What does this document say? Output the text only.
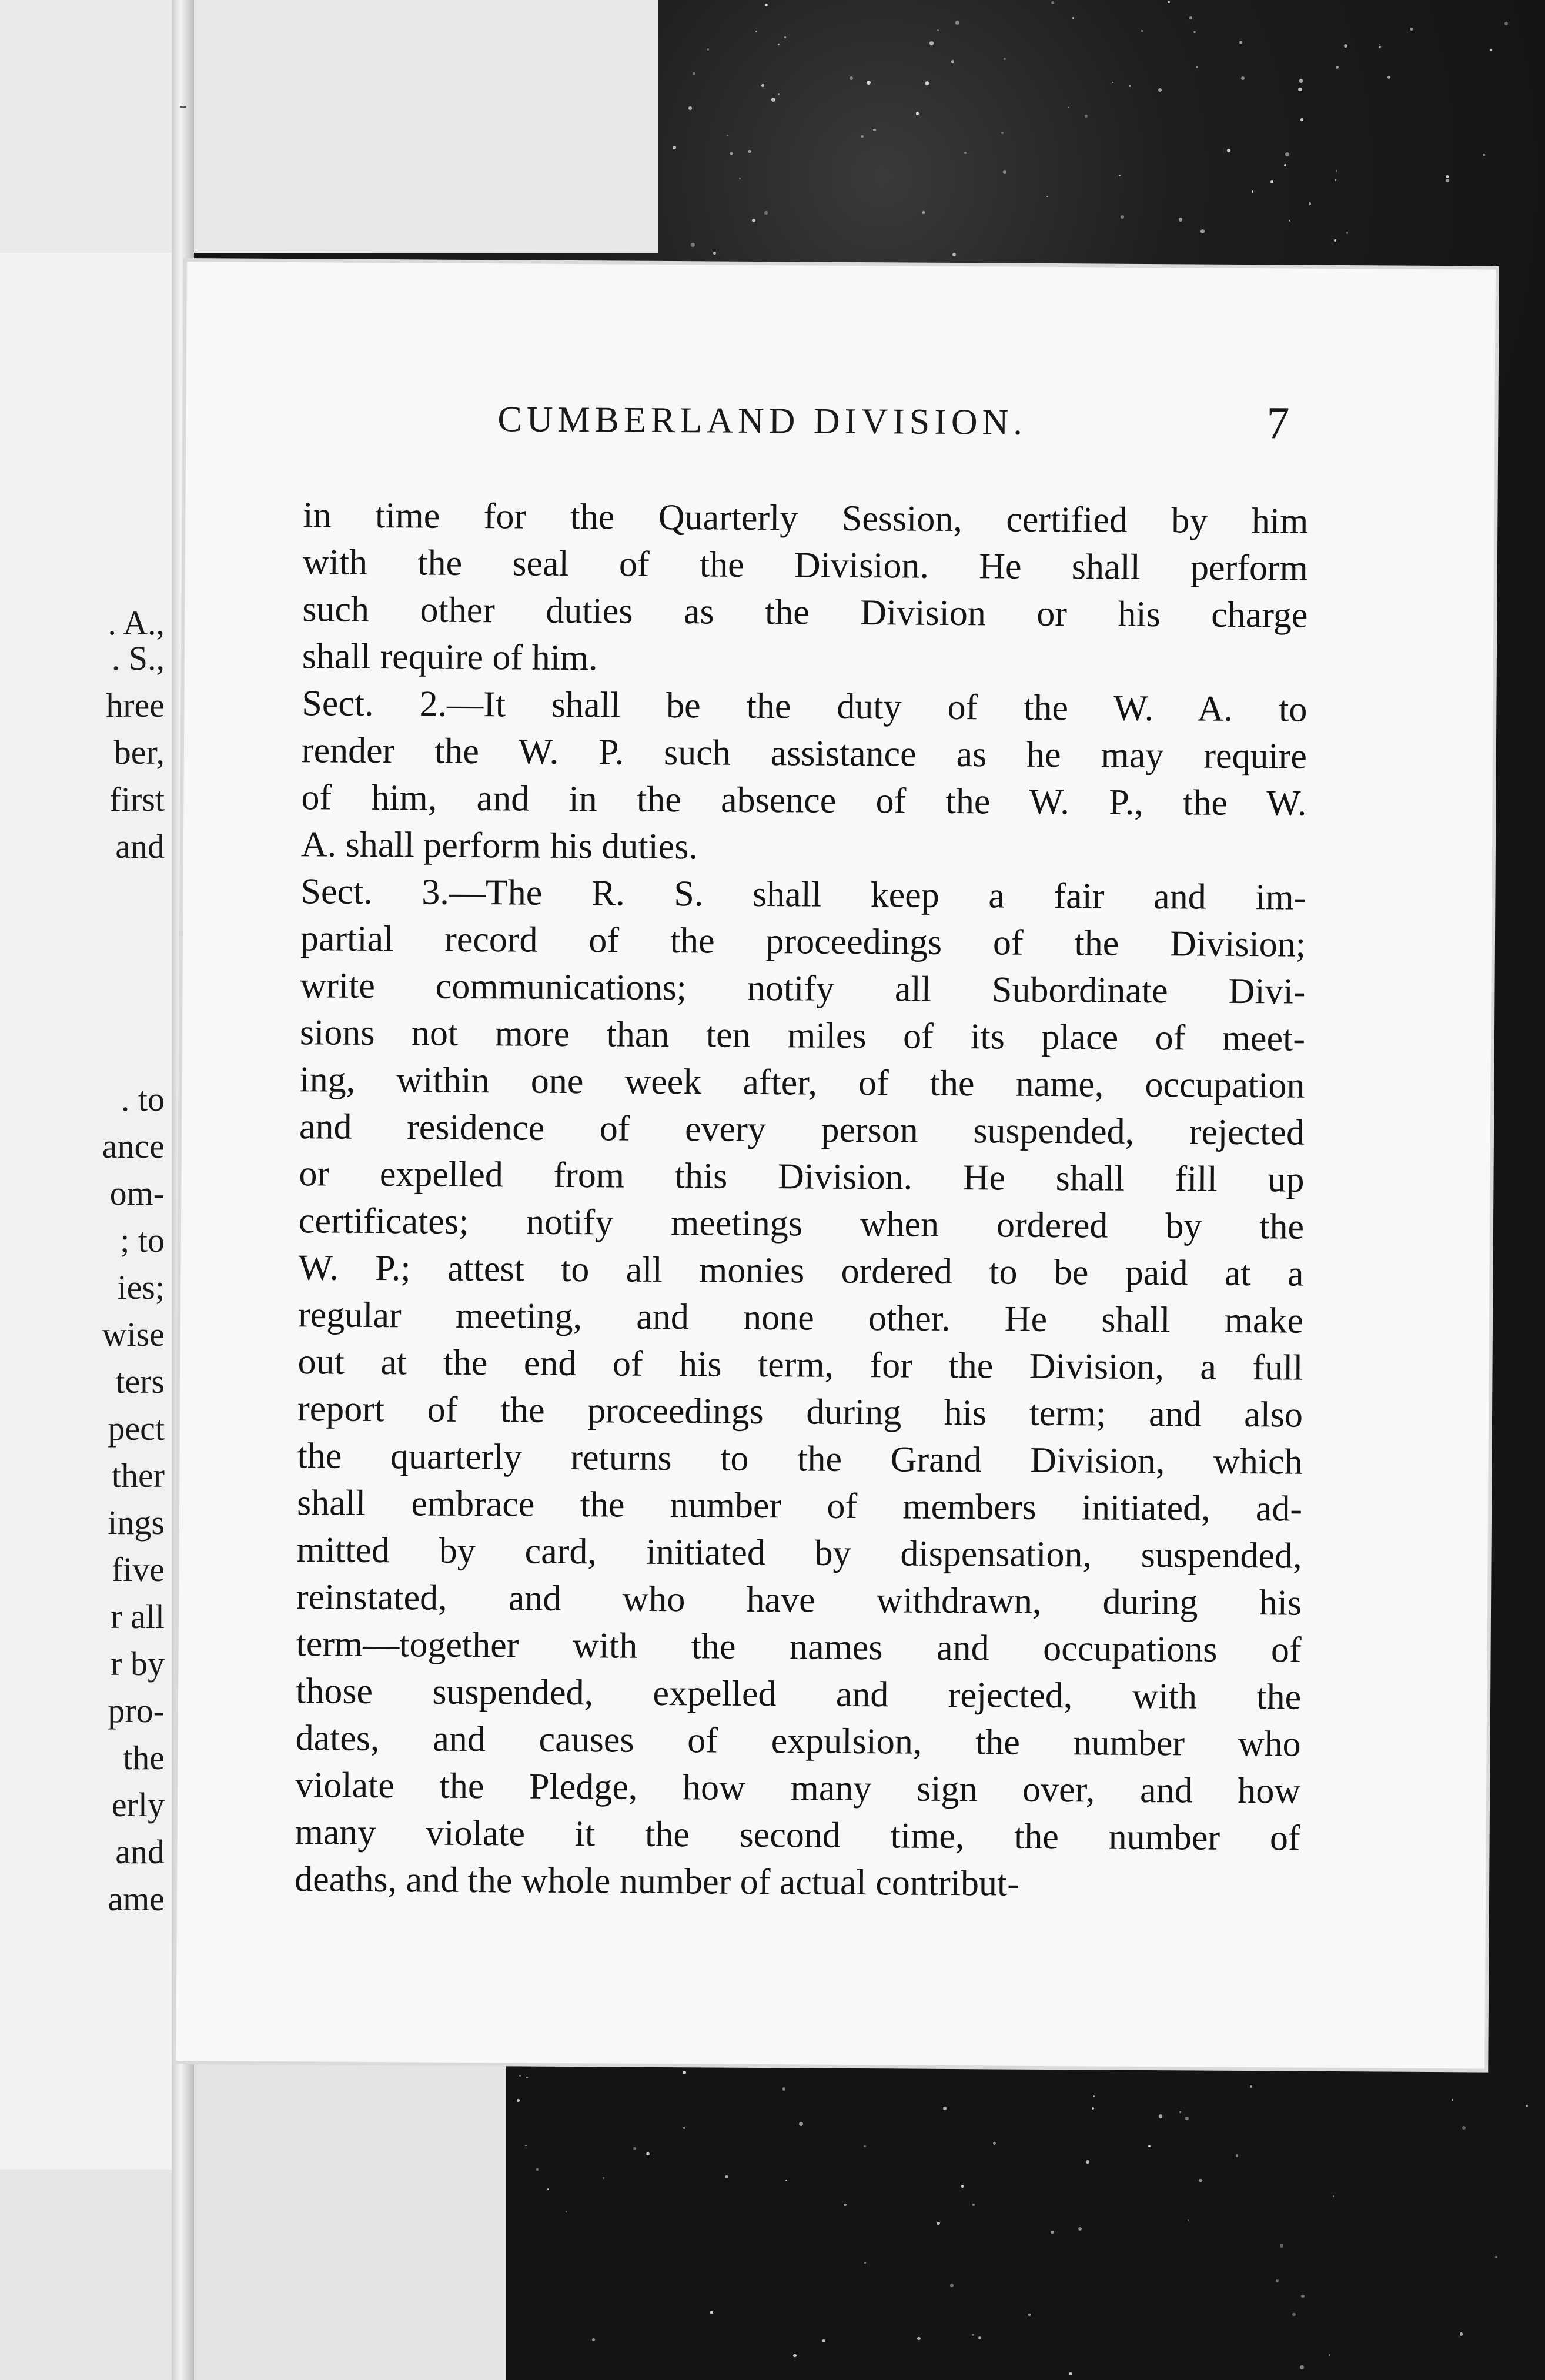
. A.,
. S.,
hree
ber,
first
and
. to
ance
om-
; to
ies;
wise
ters
pect
ther
ings
five
r all
r by
pro-
the
erly
and
ame
CUMBERLAND DIVISION.	7
in time for the Quarterly Session, certified by him
with the seal of the Division. He shall perform
such other duties as the Division or his charge
shall require of him.
Sect. 2.—It shall be the duty of the W. A. to
render the W. P. such assistance as he may require
of him, and in the absence of the W. P., the W.
A. shall perform his duties.
Sect. 3.—The R. S. shall keep a fair and im-
partial record of the proceedings of the Division;
write communications; notify all Subordinate Divi-
sions not more than ten miles of its place of meet-
ing, within one week after, of the name, occupation
and residence of every person suspended, rejected
or expelled from this Division. He shall fill up
certificates; notify meetings when ordered by the
W. P.; attest to all monies ordered to be paid at a
regular meeting, and none other. He shall make
out at the end of his term, for the Division, a full
report of the proceedings during his term; and also
the quarterly returns to the Grand Division, which
shall embrace the number of members initiated, ad-
mitted by card, initiated by dispensation, suspended,
reinstated, and who have withdrawn, during his
term—together with the names and occupations of
those suspended, expelled and rejected, with the
dates, and causes of expulsion, the number who
violate the Pledge, how many sign over, and how
many violate it the second time, the number of
deaths, and the whole number of actual contribut-
